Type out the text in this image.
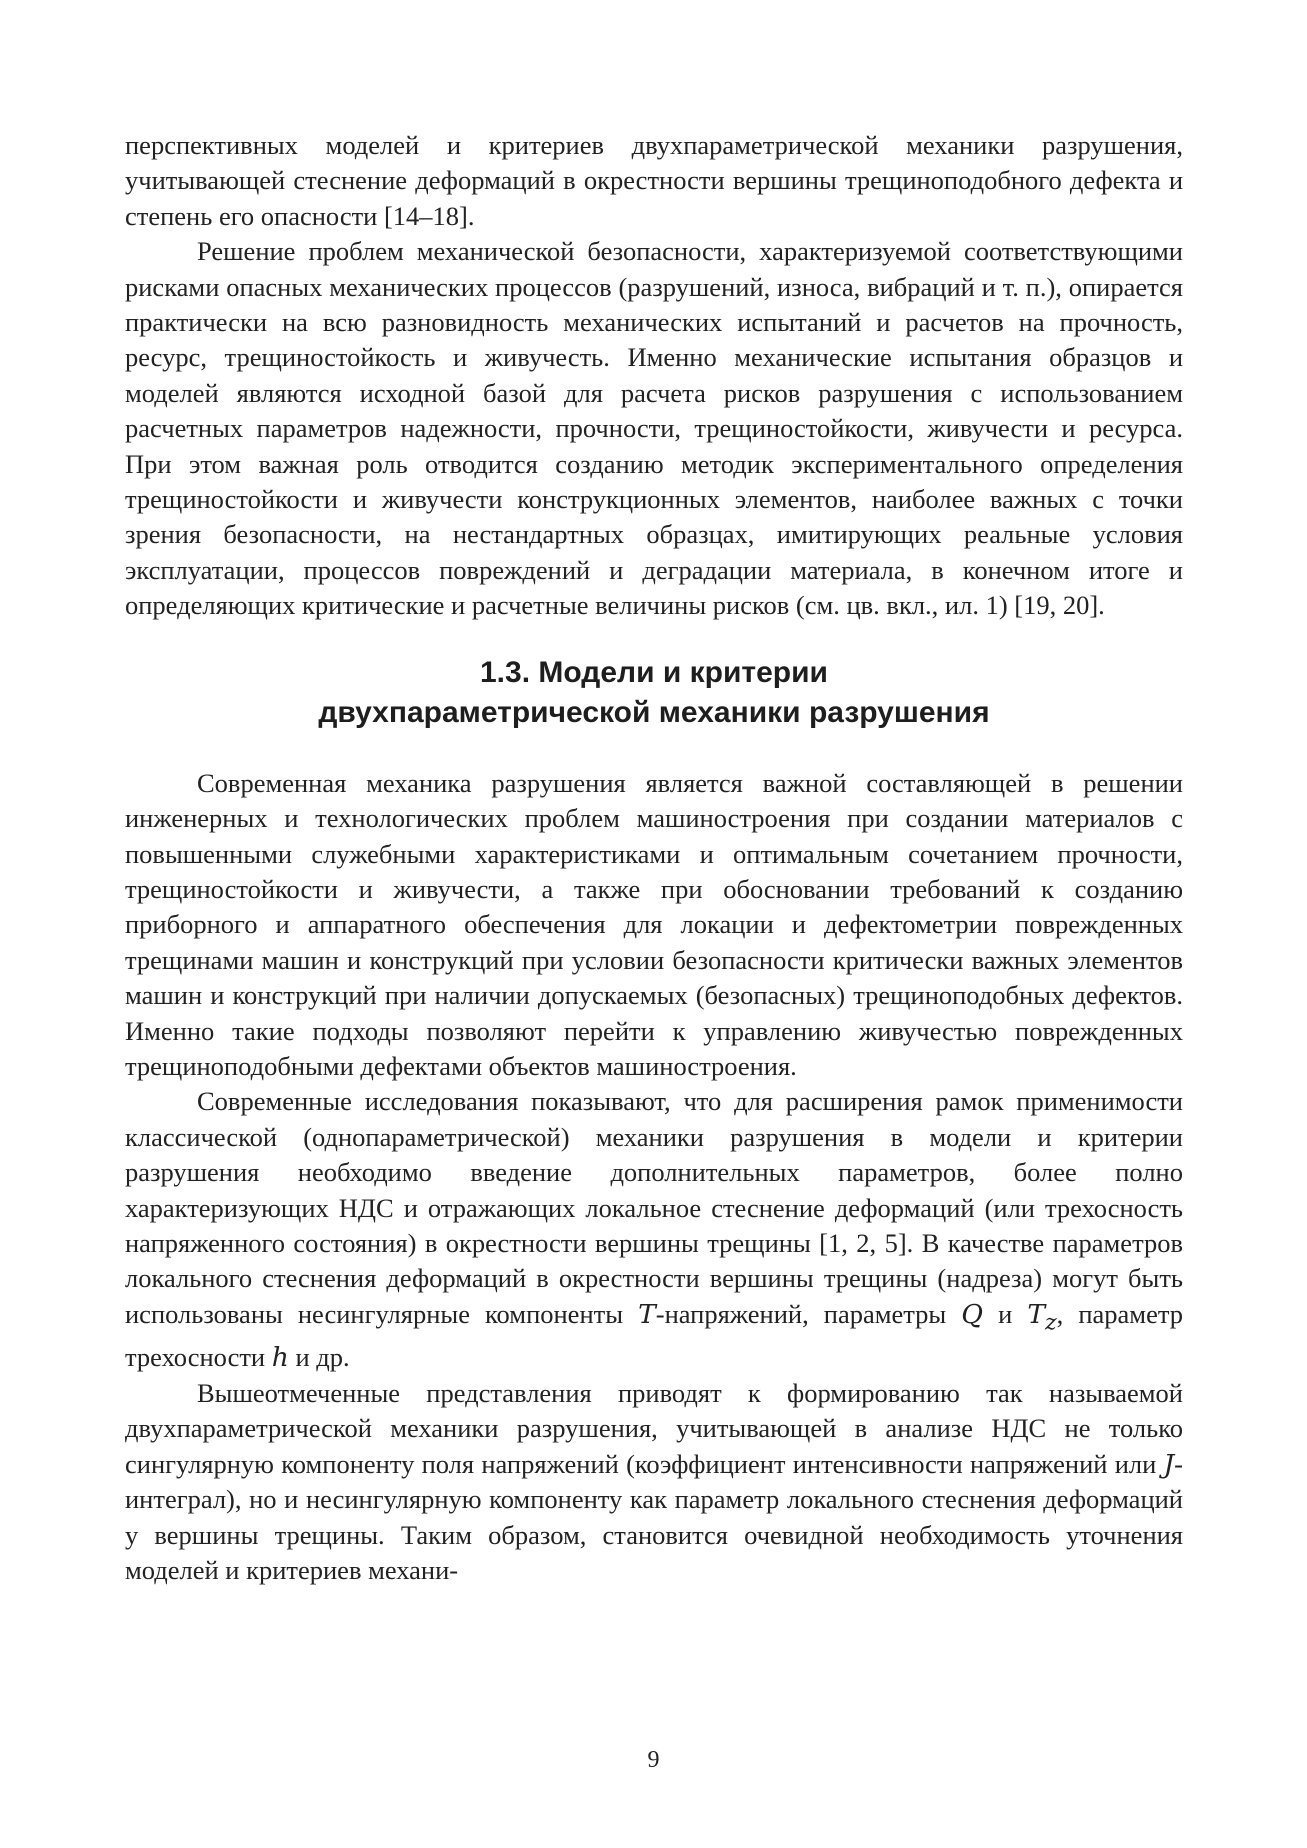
перспективных моделей и критериев двухпараметрической механики разрушения, учитывающей стеснение деформаций в окрестности вершины трещиноподобного дефекта и степень его опасности [14–18].

Решение проблем механической безопасности, характеризуемой соответствующими рисками опасных механических процессов (разрушений, износа, вибраций и т. п.), опирается практически на всю разновидность механических испытаний и расчетов на прочность, ресурс, трещиностойкость и живучесть. Именно механические испытания образцов и моделей являются исходной базой для расчета рисков разрушения с использованием расчетных параметров надежности, прочности, трещиностойкости, живучести и ресурса. При этом важная роль отводится созданию методик экспериментального определения трещиностойкости и живучести конструкционных элементов, наиболее важных с точки зрения безопасности, на нестандартных образцах, имитирующих реальные условия эксплуатации, процессов повреждений и деградации материала, в конечном итоге и определяющих критические и расчетные величины рисков (см. цв. вкл., ил. 1) [19, 20].

1.3. Модели и критерии
двухпараметрической механики разрушения

Современная механика разрушения является важной составляющей в решении инженерных и технологических проблем машиностроения при создании материалов с повышенными служебными характеристиками и оптимальным сочетанием прочности, трещиностойкости и живучести, а также при обосновании требований к созданию приборного и аппаратного обеспечения для локации и дефектометрии поврежденных трещинами машин и конструкций при условии безопасности критически важных элементов машин и конструкций при наличии допускаемых (безопасных) трещиноподобных дефектов. Именно такие подходы позволяют перейти к управлению живучестью поврежденных трещиноподобными дефектами объектов машиностроения.

Современные исследования показывают, что для расширения рамок применимости классической (однопараметрической) механики разрушения в модели и критерии разрушения необходимо введение дополнительных параметров, более полно характеризующих НДС и отражающих локальное стеснение деформаций (или трехосность напряженного состояния) в окрестности вершины трещины [1, 2, 5]. В качестве параметров локального стеснения деформаций в окрестности вершины трещины (надреза) могут быть использованы несингулярные компоненты T-напряжений, параметры Q и $T_z$, параметр трехосности h и др.

Вышеотмеченные представления приводят к формированию так называемой двухпараметрической механики разрушения, учитывающей в анализе НДС не только сингулярную компоненту поля напряжений (коэффициент интенсивности напряжений или J-интеграл), но и несингулярную компоненту как параметр локального стеснения деформаций у вершины трещины. Таким образом, становится очевидной необходимость уточнения моделей и критериев механи-

9
